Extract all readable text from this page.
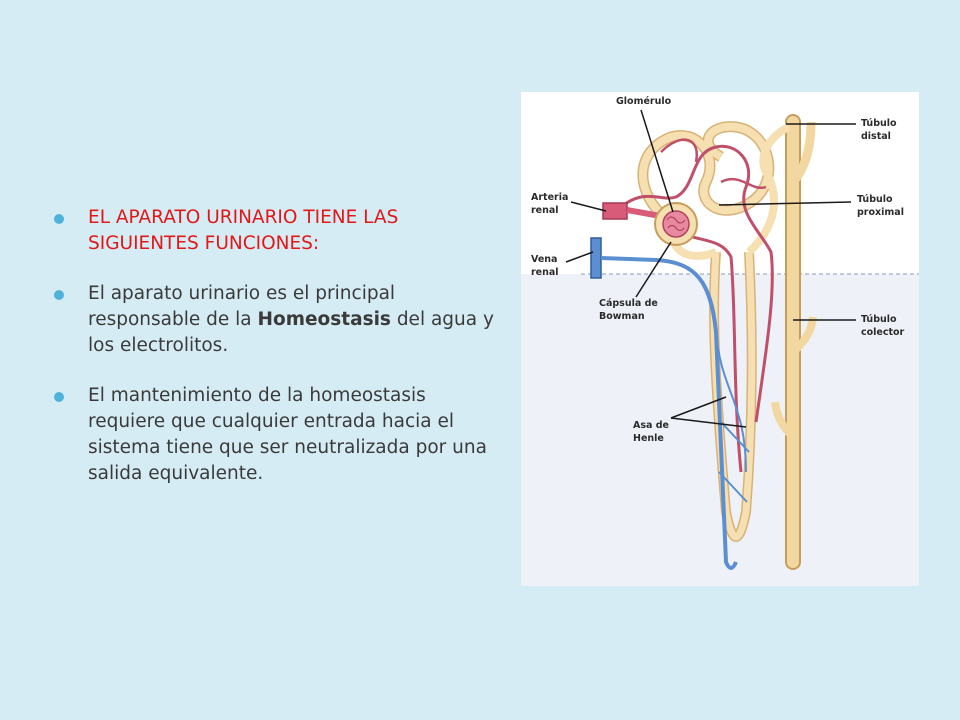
EL APARATO URINARIO TIENE LAS SIGUIENTES FUNCIONES:
El aparato urinario es el principal responsable de la Homeostasis del agua y los electrolitos.
El mantenimiento de la homeostasis requiere que cualquier entrada hacia el sistema tiene que ser neutralizada por una salida equivalente.
Glomérulo
Túbulo
distal
Arteria
renal
Túbulo
proximal
Vena
renal
Cápsula de
Bowman	Túbulo
colector
Asa de
Henle
